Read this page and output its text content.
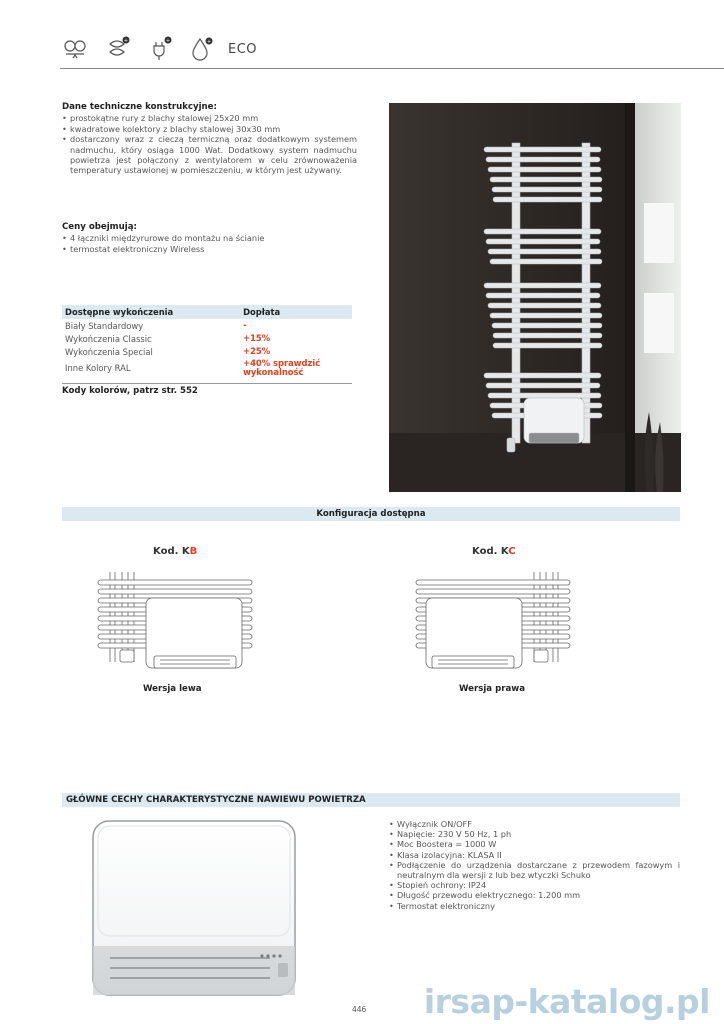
+	+	+ ECO
Dane techniczne konstrukcyjne:
• prostokątne rury z blachy stalowej 25x20 mm
• kwadratowe kolektory z blachy stalowej 30x30 mm
• dostarczony wraz z cieczą termiczną oraz dodatkowym systemem nadmuchu, który osiąga 1000 Wat. Dodatkowy system nadmuchu powietrza jest połączony z wentylatorem w celu zrównoważenia temperatury ustawionej w pomieszczeniu, w którym jest używany.
Ceny obejmują:
• 4 łączniki międzyrurowe do montażu na ścianie
• termostat elektroniczny Wireless
Dostępne wykończenia	Dopłata
Biały Standardowy	-
Wykończenia Classic	+15%
Wykończenia Special	+25%
Inne Kolory RAL	+40% sprawdzić wykonalność
Kody kolorów, patrz str. 552
Konfiguracja dostępna
Kod. KB	Kod. KC
Wersja lewa	Wersja prawa
GŁÓWNE CECHY CHARAKTERYSTYCZNE NAWIEWU POWIETRZA
• Wyłącznik ON/OFF
• Napięcie: 230 V 50 Hz, 1 ph
• Moc Boostera = 1000 W
• Klasa izolacyjna: KLASA II
• Podłączenie do urządzenia dostarczane z przewodem fazowym i neutralnym dla wersji z lub bez wtyczki Schuko
• Stopień ochrony: IP24
• Długość przewodu elektrycznego: 1.200 mm
• Termostat elektroniczny
446 irsap-katalog.pl
